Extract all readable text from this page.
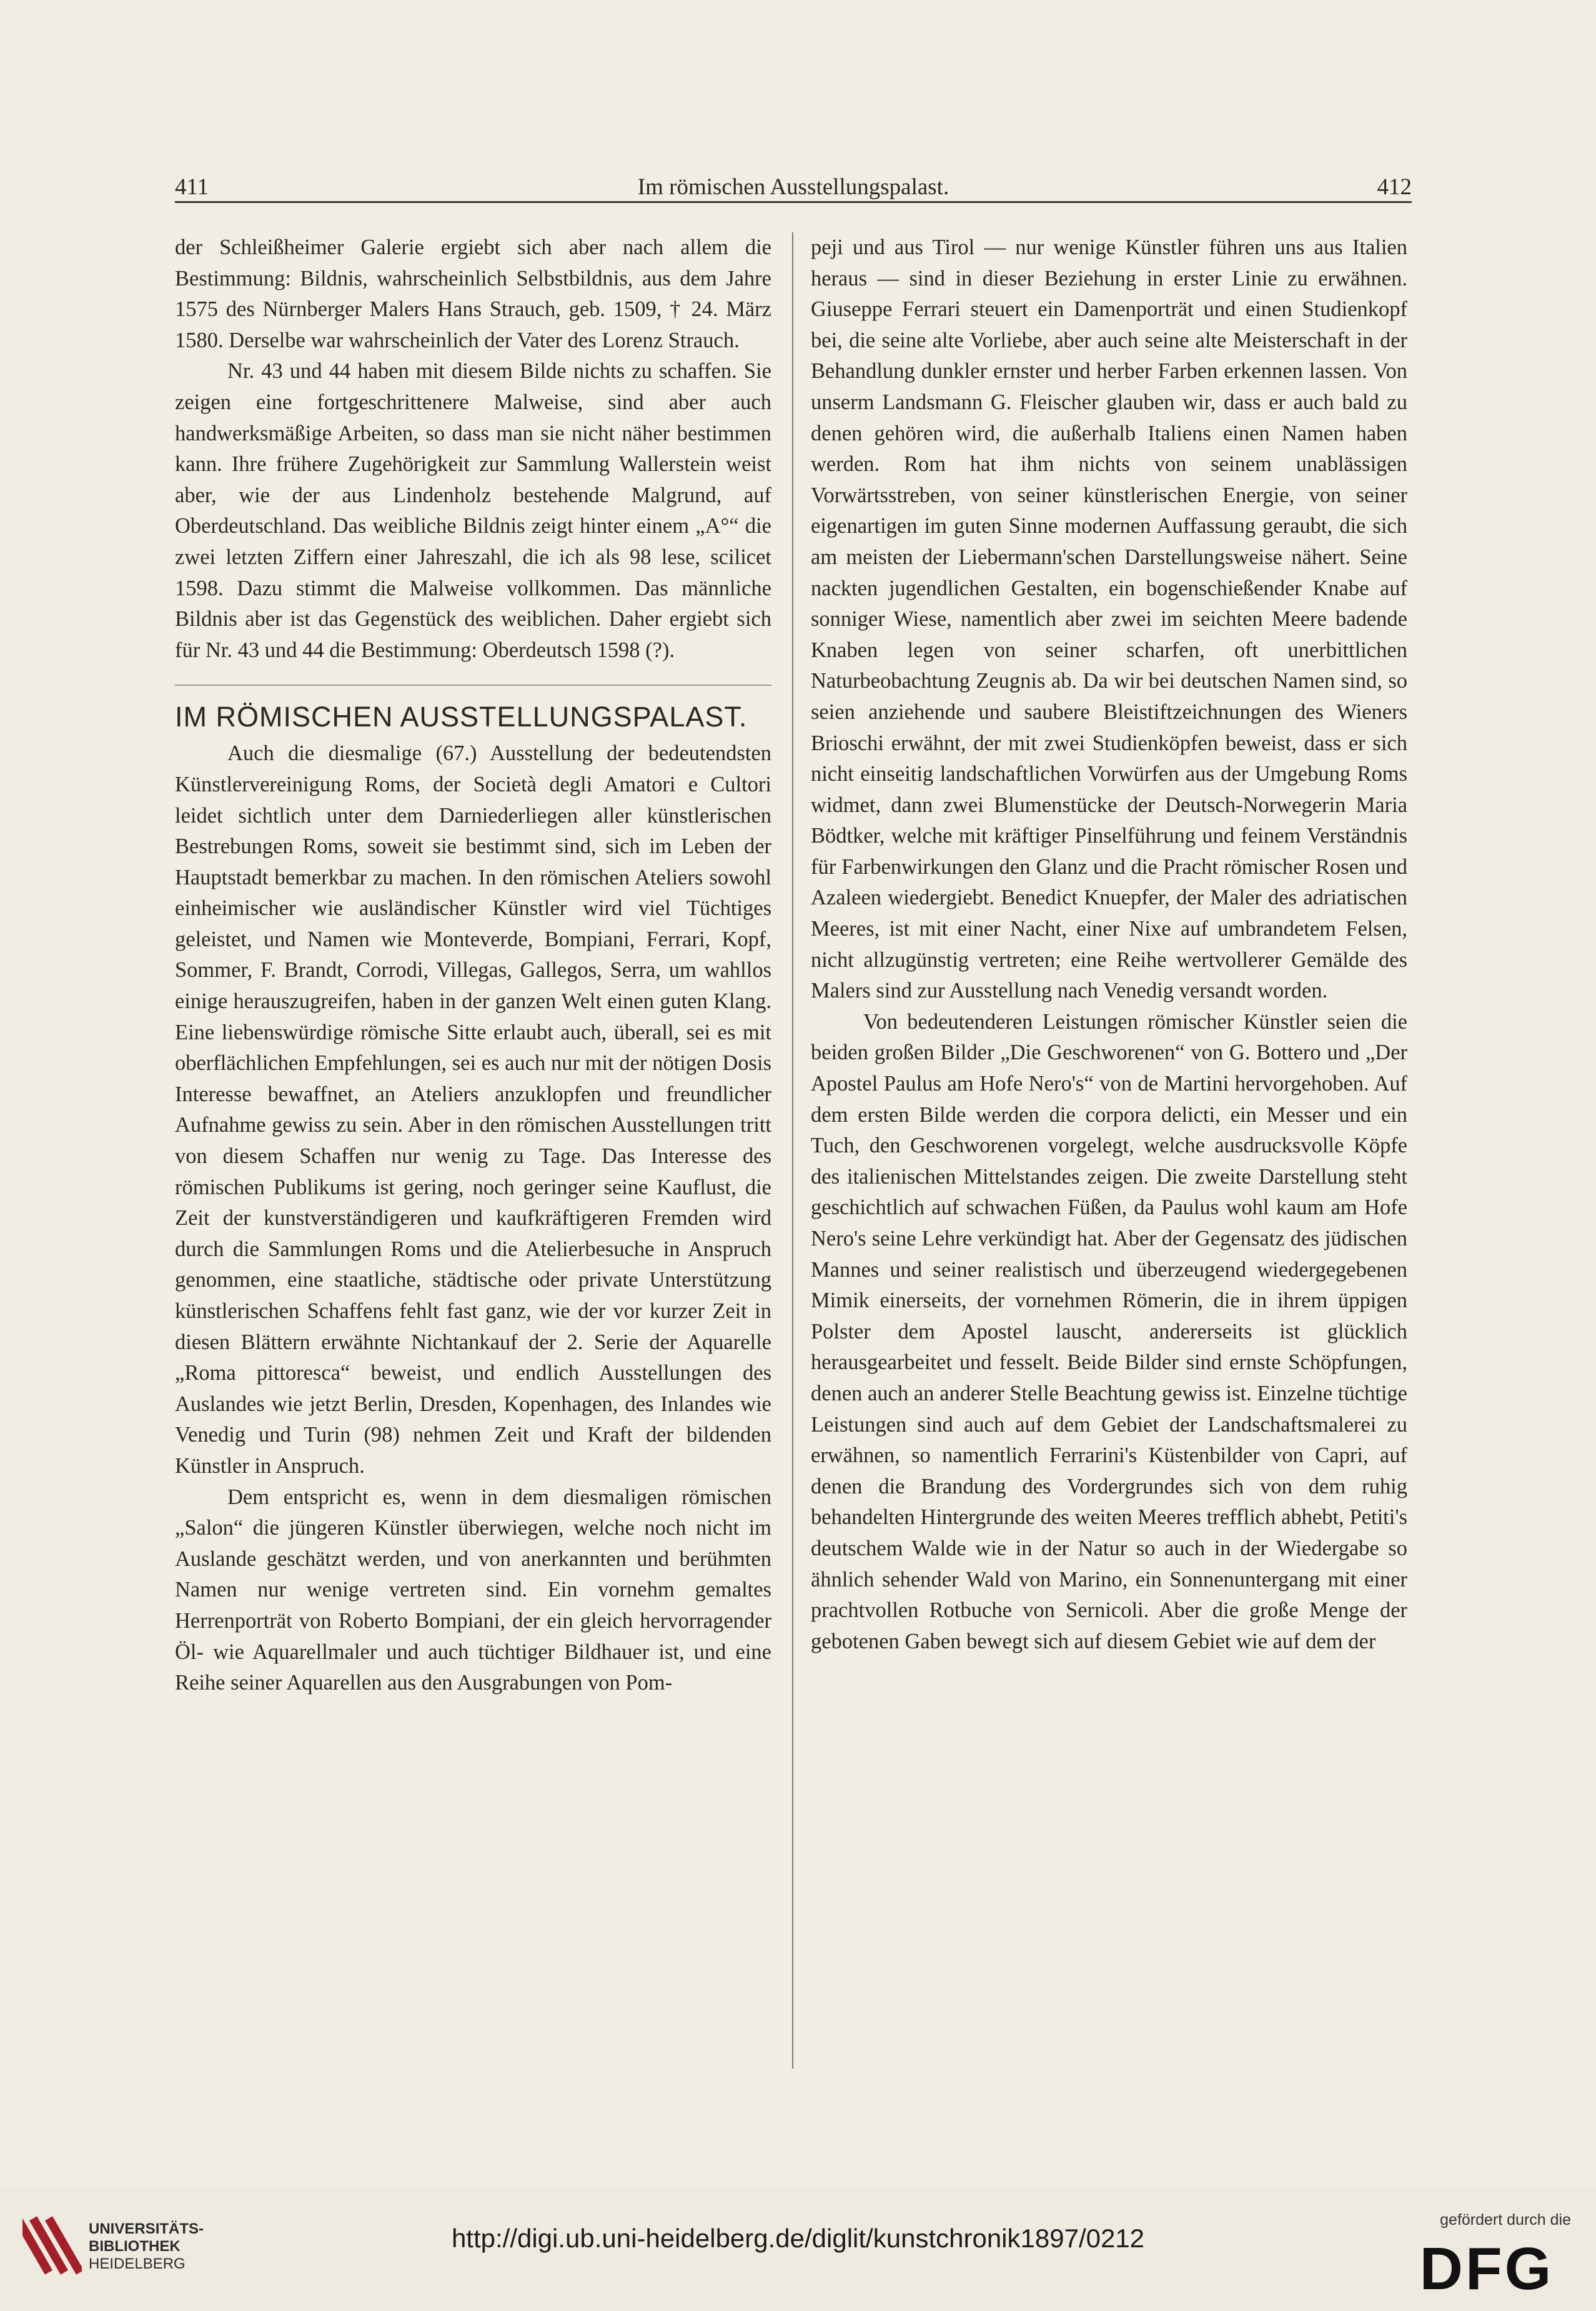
411	Im römischen Ausstellungspalast.	412

der Schleißheimer Galerie ergiebt sich aber nach allem die Bestimmung: Bildnis, wahrscheinlich Selbstbildnis, aus dem Jahre 1575 des Nürnberger Malers Hans Strauch, geb. 1509, † 24. März 1580. Derselbe war wahrscheinlich der Vater des Lorenz Strauch.

Nr. 43 und 44 haben mit diesem Bilde nichts zu schaffen. Sie zeigen eine fortgeschrittenere Malweise, sind aber auch handwerksmäßige Arbeiten, so dass man sie nicht näher bestimmen kann. Ihre frühere Zugehörigkeit zur Sammlung Wallerstein weist aber, wie der aus Lindenholz bestehende Malgrund, auf Oberdeutschland. Das weibliche Bildnis zeigt hinter einem „A°“ die zwei letzten Ziffern einer Jahreszahl, die ich als 98 lese, scilicet 1598. Dazu stimmt die Malweise vollkommen. Das männliche Bildnis aber ist das Gegenstück des weiblichen. Daher ergiebt sich für Nr. 43 und 44 die Bestimmung: Oberdeutsch 1598 (?).

IM RÖMISCHEN AUSSTELLUNGSPALAST.

Auch die diesmalige (67.) Ausstellung der bedeutendsten Künstlervereinigung Roms, der Società degli Amatori e Cultori leidet sichtlich unter dem Darniederliegen aller künstlerischen Bestrebungen Roms, soweit sie bestimmt sind, sich im Leben der Hauptstadt bemerkbar zu machen. In den römischen Ateliers sowohl einheimischer wie ausländischer Künstler wird viel Tüchtiges geleistet, und Namen wie Monteverde, Bompiani, Ferrari, Kopf, Sommer, F. Brandt, Corrodi, Villegas, Gallegos, Serra, um wahllos einige herauszugreifen, haben in der ganzen Welt einen guten Klang. Eine liebenswürdige römische Sitte erlaubt auch, überall, sei es mit oberflächlichen Empfehlungen, sei es auch nur mit der nötigen Dosis Interesse bewaffnet, an Ateliers anzuklopfen und freundlicher Aufnahme gewiss zu sein. Aber in den römischen Ausstellungen tritt von diesem Schaffen nur wenig zu Tage. Das Interesse des römischen Publikums ist gering, noch geringer seine Kauflust, die Zeit der kunstverständigeren und kaufkräftigeren Fremden wird durch die Sammlungen Roms und die Atelierbesuche in Anspruch genommen, eine staatliche, städtische oder private Unterstützung künstlerischen Schaffens fehlt fast ganz, wie der vor kurzer Zeit in diesen Blättern erwähnte Nichtankauf der 2. Serie der Aquarelle „Roma pittoresca“ beweist, und endlich Ausstellungen des Auslandes wie jetzt Berlin, Dresden, Kopenhagen, des Inlandes wie Venedig und Turin (98) nehmen Zeit und Kraft der bildenden Künstler in Anspruch.

Dem entspricht es, wenn in dem diesmaligen römischen „Salon“ die jüngeren Künstler überwiegen, welche noch nicht im Auslande geschätzt werden, und von anerkannten und berühmten Namen nur wenige vertreten sind. Ein vornehm gemaltes Herrenporträt von Roberto Bompiani, der ein gleich hervorragender Öl- wie Aquarellmaler und auch tüchtiger Bildhauer ist, und eine Reihe seiner Aquarellen aus den Ausgrabungen von Pom-

peji und aus Tirol — nur wenige Künstler führen uns aus Italien heraus — sind in dieser Beziehung in erster Linie zu erwähnen. Giuseppe Ferrari steuert ein Damenporträt und einen Studienkopf bei, die seine alte Vorliebe, aber auch seine alte Meisterschaft in der Behandlung dunkler ernster und herber Farben erkennen lassen. Von unserm Landsmann G. Fleischer glauben wir, dass er auch bald zu denen gehören wird, die außerhalb Italiens einen Namen haben werden. Rom hat ihm nichts von seinem unablässigen Vorwärtsstreben, von seiner künstlerischen Energie, von seiner eigenartigen im guten Sinne modernen Auffassung geraubt, die sich am meisten der Liebermann'schen Darstellungsweise nähert. Seine nackten jugendlichen Gestalten, ein bogenschießender Knabe auf sonniger Wiese, namentlich aber zwei im seichten Meere badende Knaben legen von seiner scharfen, oft unerbittlichen Naturbeobachtung Zeugnis ab. Da wir bei deutschen Namen sind, so seien anziehende und saubere Bleistiftzeichnungen des Wieners Brioschi erwähnt, der mit zwei Studienköpfen beweist, dass er sich nicht einseitig landschaftlichen Vorwürfen aus der Umgebung Roms widmet, dann zwei Blumenstücke der Deutsch-Norwegerin Maria Bödtker, welche mit kräftiger Pinselführung und feinem Verständnis für Farbenwirkungen den Glanz und die Pracht römischer Rosen und Azaleen wiedergiebt. Benedict Knuepfer, der Maler des adriatischen Meeres, ist mit einer Nacht, einer Nixe auf umbrandetem Felsen, nicht allzugünstig vertreten; eine Reihe wertvollerer Gemälde des Malers sind zur Ausstellung nach Venedig versandt worden.

Von bedeutenderen Leistungen römischer Künstler seien die beiden großen Bilder „Die Geschworenen“ von G. Bottero und „Der Apostel Paulus am Hofe Nero's“ von de Martini hervorgehoben. Auf dem ersten Bilde werden die corpora delicti, ein Messer und ein Tuch, den Geschworenen vorgelegt, welche ausdrucksvolle Köpfe des italienischen Mittelstandes zeigen. Die zweite Darstellung steht geschichtlich auf schwachen Füßen, da Paulus wohl kaum am Hofe Nero's seine Lehre verkündigt hat. Aber der Gegensatz des jüdischen Mannes und seiner realistisch und überzeugend wiedergegebenen Mimik einerseits, der vornehmen Römerin, die in ihrem üppigen Polster dem Apostel lauscht, andererseits ist glücklich herausgearbeitet und fesselt. Beide Bilder sind ernste Schöpfungen, denen auch an anderer Stelle Beachtung gewiss ist. Einzelne tüchtige Leistungen sind auch auf dem Gebiet der Landschaftsmalerei zu erwähnen, so namentlich Ferrarini's Küstenbilder von Capri, auf denen die Brandung des Vordergrundes sich von dem ruhig behandelten Hintergrunde des weiten Meeres trefflich abhebt, Petiti's deutschem Walde wie in der Natur so auch in der Wiedergabe so ähnlich sehender Wald von Marino, ein Sonnenuntergang mit einer prachtvollen Rotbuche von Sernicoli. Aber die große Menge der gebotenen Gaben bewegt sich auf diesem Gebiet wie auf dem der

UNIVERSITÄTS-
BIBLIOTHEK
HEIDELBERG
http://digi.ub.uni-heidelberg.de/diglit/kunstchronik1897/0212
gefördert durch die
DFG
